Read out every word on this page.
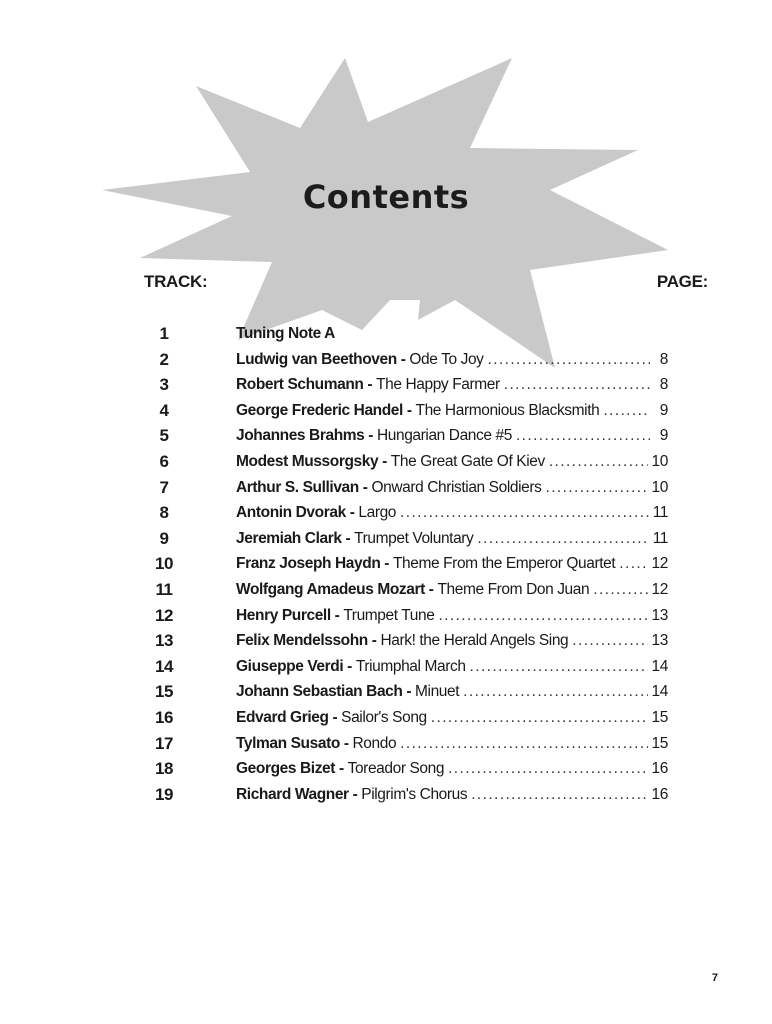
Contents
TRACK:	PAGE:
1	Tuning Note A
2	Ludwig van Beethoven - Ode To Joy .....	8
3	Robert Schumann - The Happy Farmer .....	8
4	George Frederic Handel - The Harmonious Blacksmith .....	9
5	Johannes Brahms - Hungarian Dance #5 .....	9
6	Modest Mussorgsky - The Great Gate Of Kiev .....	10
7	Arthur S. Sullivan - Onward Christian Soldiers .....	10
8	Antonin Dvorak - Largo .....	11
9	Jeremiah Clark - Trumpet Voluntary .....	11
10	Franz Joseph Haydn - Theme From the Emperor Quartet ..... 12
11	Wolfgang Amadeus Mozart - Theme From Don Juan .....	12
12	Henry Purcell - Trumpet Tune .....	13
13	Felix Mendelssohn - Hark! the Herald Angels Sing .....	13
14	Giuseppe Verdi - Triumphal March .....	14
15	Johann Sebastian Bach - Minuet .....	14
16	Edvard Grieg - Sailor's Song .....	15
17	Tylman Susato - Rondo .....	15
18	Georges Bizet - Toreador Song .....	16
19	Richard Wagner - Pilgrim's Chorus .....	16
7
